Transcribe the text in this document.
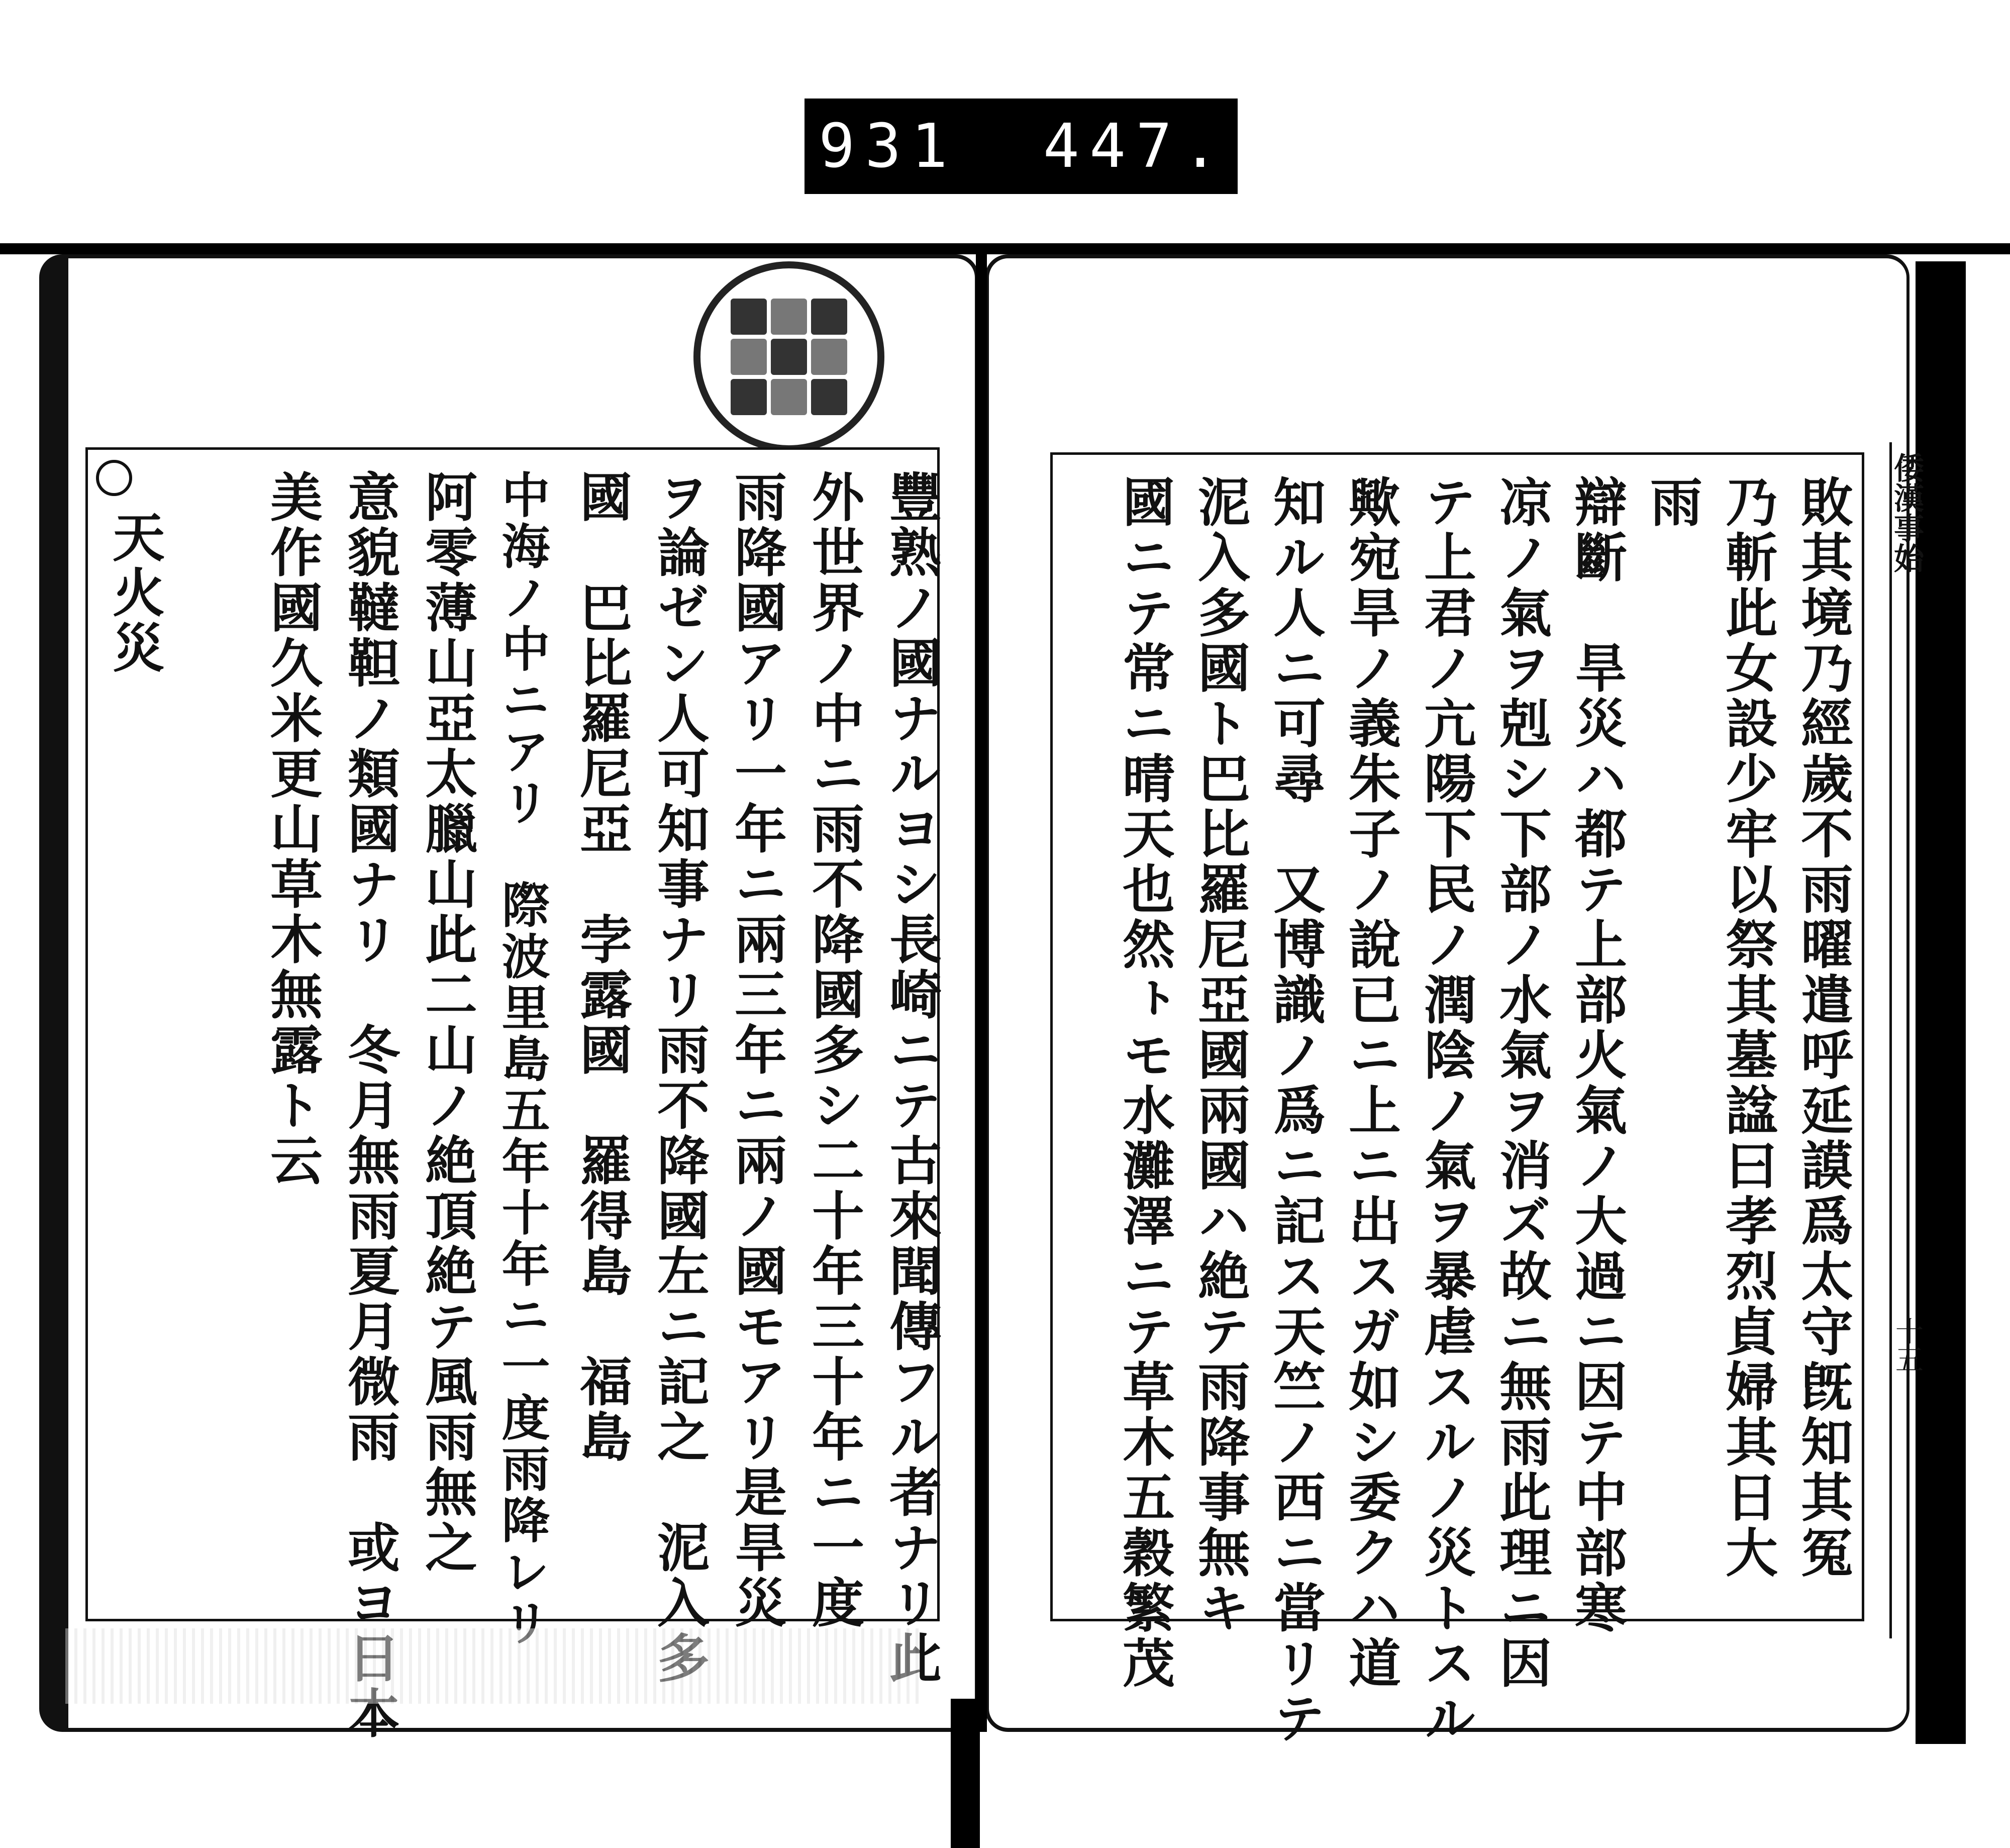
931 447.
豐熟ノ國ナルヨシ長崎ニテ古來聞傳フル者ナリ此
外世界ノ中ニ雨不降國多シ二十年三十年ニ一度
雨降國アリ一年ニ兩三年ニ兩ノ國モアリ是旱災
ヲ論ゼン人可知事ナリ雨不降國左ニ記之　泥入多
國　巴比羅尼亞　孛露國　羅得島　福島
中海ノ中ニアリ　際波里島五年十年ニ一度雨降レリ
阿零薄山亞太臘山此二山ノ絶頂絶テ風雨無之
意貌韃靼ノ類國ナリ　冬月無雨夏月微雨　或ヨ日本
美作國久米更山草木無露ト云
天火災	敗其境乃經歲不雨曜遣呼延謨爲太守旣知其冤
乃斬此女設少牢以祭其墓諡曰孝烈貞婦其日大
雨
辯斷　旱災ハ都テ上部火氣ノ大過ニ因テ中部寒
凉ノ氣ヲ剋シ下部ノ水氣ヲ消ズ故ニ無雨此理ニ因
テ上君ノ亢陽下民ノ潤陰ノ氣ヲ暴虐スルノ災トスル
歟宛旱ノ義朱子ノ說已ニ上ニ出スガ如シ委クハ道
知ル人ニ可尋　又博識ノ爲ニ記ス天竺ノ西ニ當リテ
泥入多國ト巴比羅尼亞國兩國ハ絶テ雨降事無キ
國ニテ常ニ晴天也然ㇳモ水灘澤ニテ草木五穀繁茂	倭漢事始
十五
